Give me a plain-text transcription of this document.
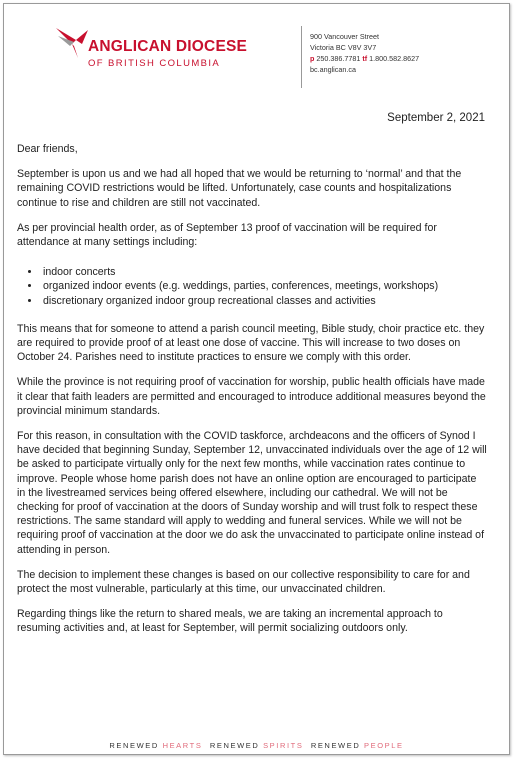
ANGLICAN DIOCESE
OF BRITISH COLUMBIA
900 Vancouver Street
Victoria BC V8V 3V7
p 250.386.7781 tf 1.800.582.8627
bc.anglican.ca
September 2, 2021

Dear friends,

September is upon us and we had all hoped that we would be returning to ‘normal’ and that the remaining COVID restrictions would be lifted. Unfortunately, case counts and hospitalizations continue to rise and children are still not vaccinated.

As per provincial health order, as of September 13 proof of vaccination will be required for attendance at many settings including:

• indoor concerts
• organized indoor events (e.g. weddings, parties, conferences, meetings, workshops)
• discretionary organized indoor group recreational classes and activities

This means that for someone to attend a parish council meeting, Bible study, choir practice etc. they are required to provide proof of at least one dose of vaccine. This will increase to two doses on October 24. Parishes need to institute practices to ensure we comply with this order.

While the province is not requiring proof of vaccination for worship, public health officials have made it clear that faith leaders are permitted and encouraged to introduce additional measures beyond the provincial minimum standards.

For this reason, in consultation with the COVID taskforce, archdeacons and the officers of Synod I have decided that beginning Sunday, September 12, unvaccinated individuals over the age of 12 will be asked to participate virtually only for the next few months, while vaccination rates continue to improve. People whose home parish does not have an online option are encouraged to participate in the livestreamed services being offered elsewhere, including our cathedral. We will not be checking for proof of vaccination at the doors of Sunday worship and will trust folk to respect these restrictions. The same standard will apply to wedding and funeral services. While we will not be requiring proof of vaccination at the door we do ask the unvaccinated to participate online instead of attending in person.

The decision to implement these changes is based on our collective responsibility to care for and protect the most vulnerable, particularly at this time, our unvaccinated children.

Regarding things like the return to shared meals, we are taking an incremental approach to resuming activities and, at least for September, will permit socializing outdoors only.

RENEWED HEARTS RENEWED SPIRITS RENEWED PEOPLE
